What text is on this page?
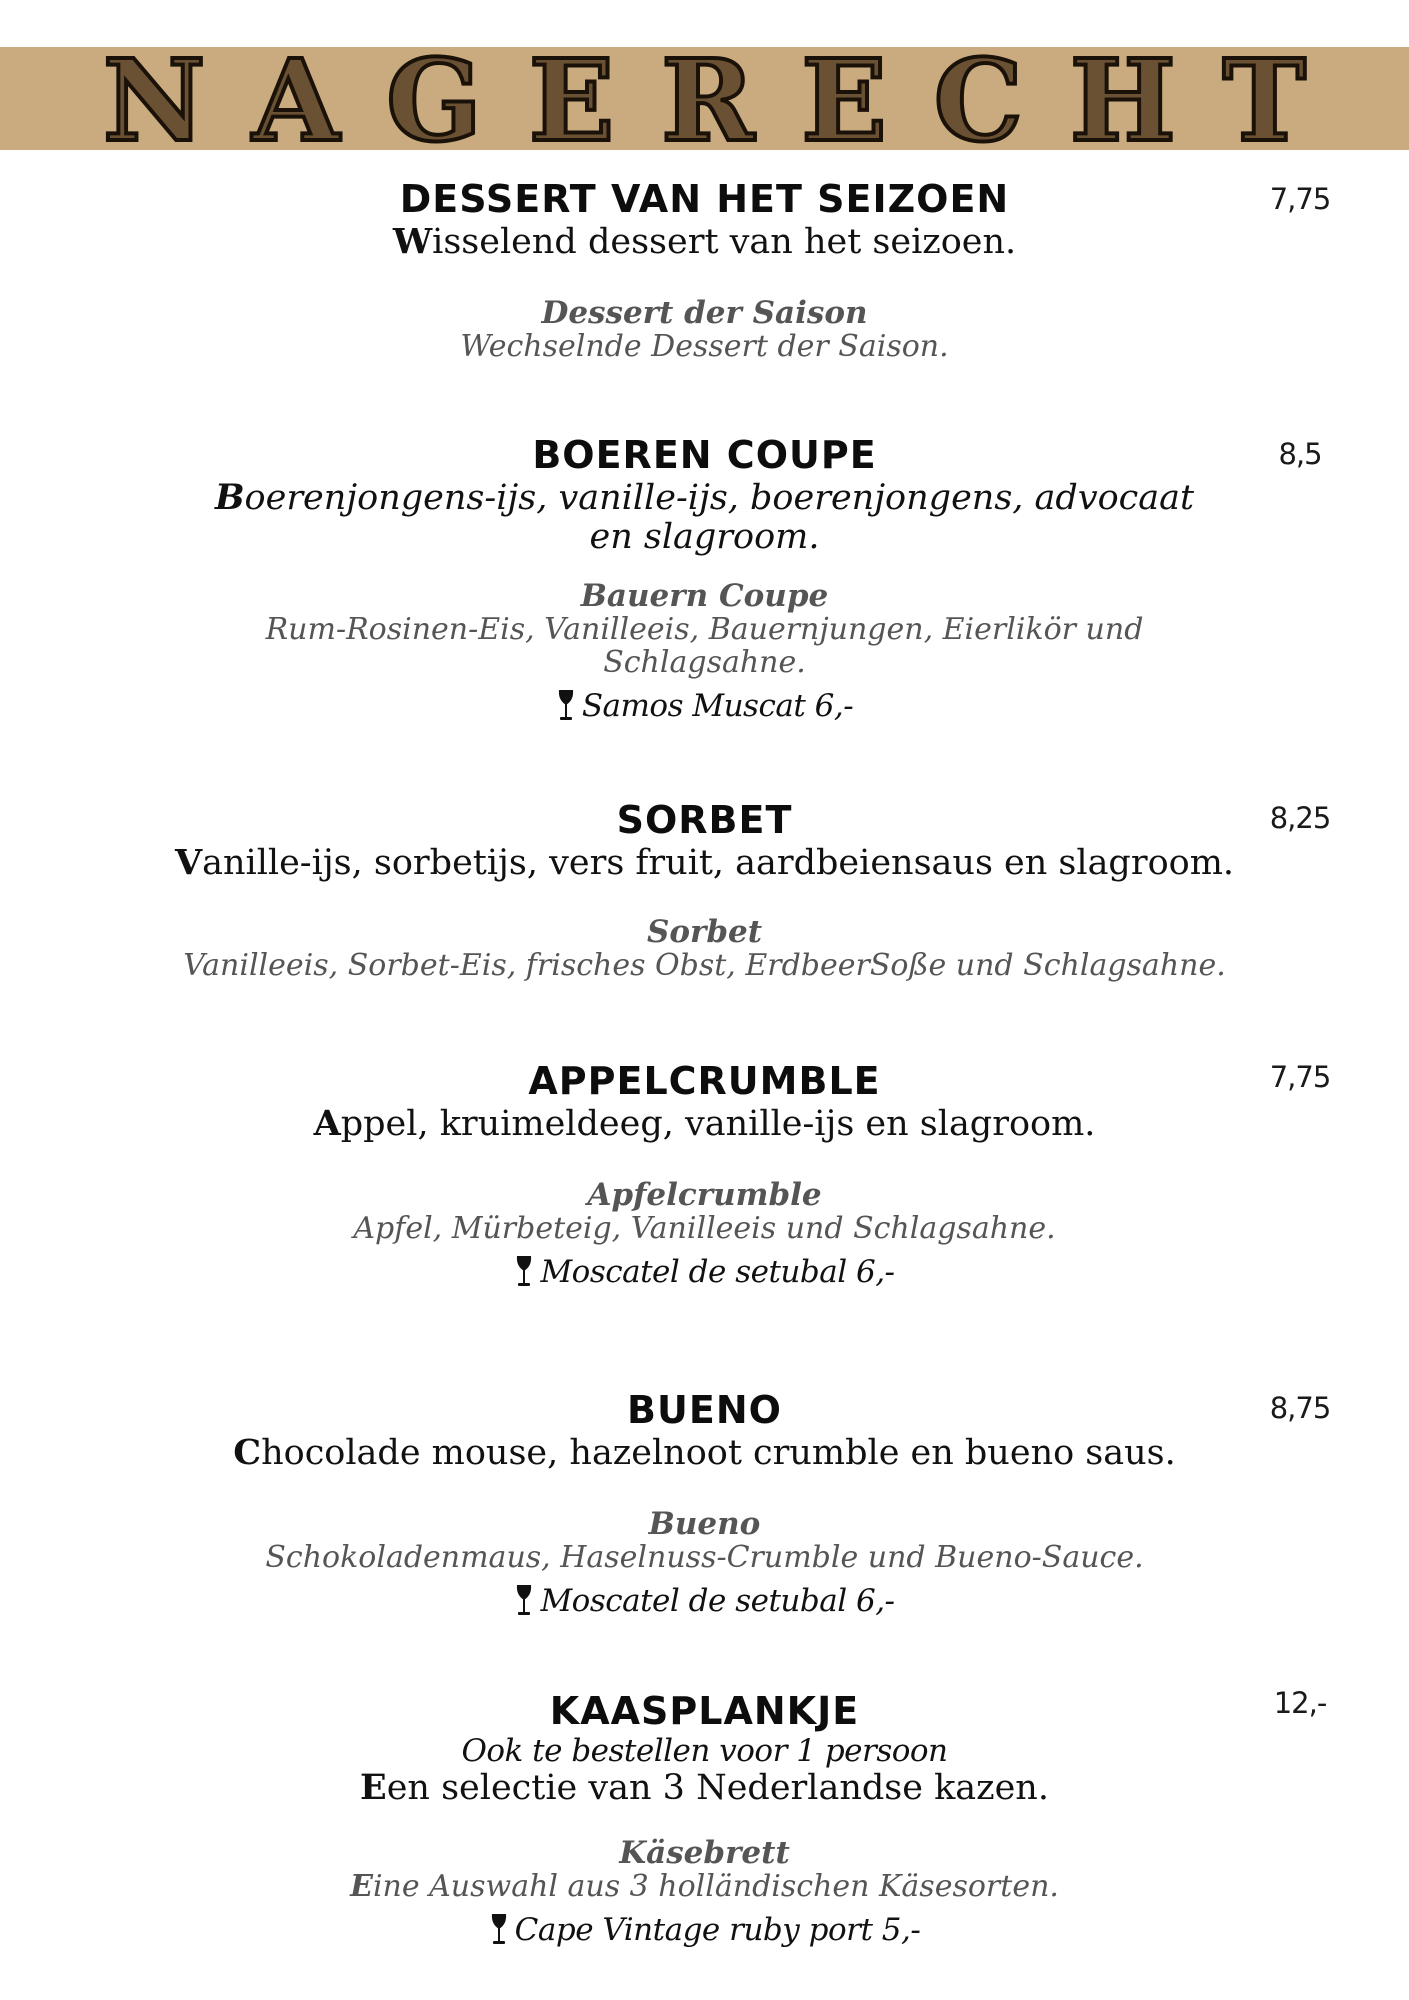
NAGERECHT
7,75
DESSERT VAN HET SEIZOEN
Wisselend dessert van het seizoen.
Dessert der Saison
Wechselnde Dessert der Saison.
8,5
BOEREN COUPE
Boerenjongens-ijs, vanille-ijs, boerenjongens, advocaat en slagroom.
Bauern Coupe
Rum-Rosinen-Eis, Vanilleeis, Bauernjungen, Eierlikör und Schlagsahne.
Samos Muscat 6,-
8,25
SORBET
Vanille-ijs, sorbetijs, vers fruit, aardbeiensaus en slagroom.
Sorbet
Vanilleeis, Sorbet-Eis, frisches Obst, ErdbeerSoße und Schlagsahne.
7,75
APPELCRUMBLE
Appel, kruimeldeeg, vanille-ijs en slagroom.
Apfelcrumble
Apfel, Mürbeteig, Vanilleeis und Schlagsahne.
Moscatel de setubal 6,-
8,75
BUENO
Chocolade mouse, hazelnoot crumble en bueno saus.
Bueno
Schokoladenmaus, Haselnuss-Crumble und Bueno-Sauce.
Moscatel de setubal 6,-
12,-
KAASPLANKJE
Ook te bestellen voor 1 persoon
Een selectie van 3 Nederlandse kazen.
Käsebrett
Eine Auswahl aus 3 holländischen Käsesorten.
Cape Vintage ruby port 5,-
